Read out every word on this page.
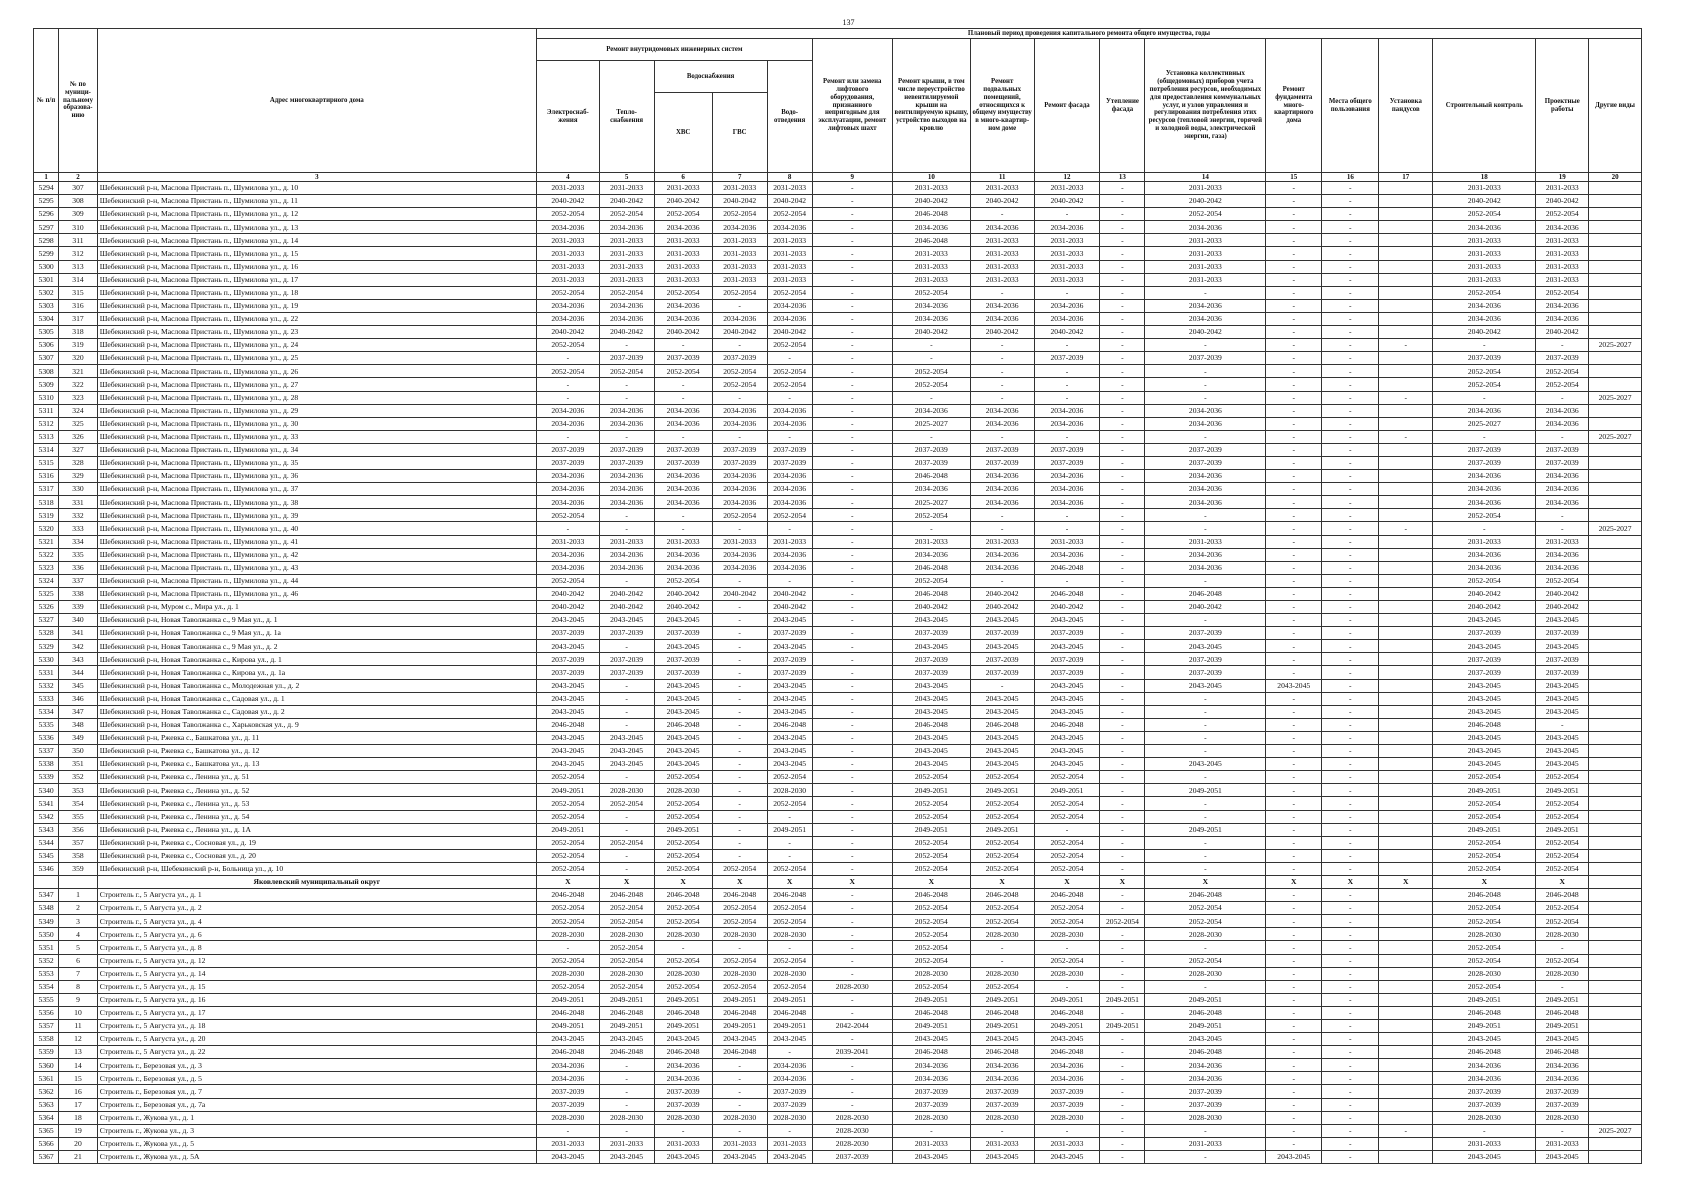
137
№ п/п	№ по муници-пальному образова-нию	Адрес многоквартирного дома	Плановый период проведения капитального ремонта общего имущества, годы																
			Ремонт внутридомовых инженерных систем					Ремонт или замена лифтового оборудования, признанного непригодным для эксплуатации, ремонт лифтовых шахт	Ремонт крыши, в том числе переустройство невентилируемой крыши на вентилируемую крышу, устройство выходов на кровлю	Ремонт подвальных помещений, относящихся к общему имуществу в много-квартир-ном доме	Ремонт фасада	Утепление фасада	Установка коллективных (общедомовых) приборов учета потребления ресурсов, необходимых для предоставления коммунальных услуг, и узлов управления и регулирования потребления этих ресурсов (тепловой энергии, горячей и холодной воды, электрической энергии, газа)	Ремонт фундамента много-квартирного дома	Места общего пользования	Установка пандусов	Строительный контроль	Проектные работы	Другие виды
			Электроснаб-жения	Тепло-снабжения	Водоснабжения		Водо-отведения												
					ХВС	ГВС													
1	2	3	4	5	6	7	8	9	10	11	12	13	14	15	16	17	18	19	20
5294	307	Шебекинский р-н, Маслова Пристань п., Шумилова ул., д. 10	2031-2033	2031-2033	2031-2033	2031-2033	2031-2033	-	2031-2033	2031-2033	2031-2033	-	2031-2033	-	-		2031-2033	2031-2033	
5295	308	Шебекинский р-н, Маслова Пристань п., Шумилова ул., д. 11	2040-2042	2040-2042	2040-2042	2040-2042	2040-2042	-	2040-2042	2040-2042	2040-2042	-	2040-2042	-	-		2040-2042	2040-2042	
5296	309	Шебекинский р-н, Маслова Пристань п., Шумилова ул., д. 12	2052-2054	2052-2054	2052-2054	2052-2054	2052-2054	-	2046-2048	-	-	-	2052-2054	-	-		2052-2054	2052-2054	
5297	310	Шебекинский р-н, Маслова Пристань п., Шумилова ул., д. 13	2034-2036	2034-2036	2034-2036	2034-2036	2034-2036	-	2034-2036	2034-2036	2034-2036	-	2034-2036	-	-		2034-2036	2034-2036	
5298	311	Шебекинский р-н, Маслова Пристань п., Шумилова ул., д. 14	2031-2033	2031-2033	2031-2033	2031-2033	2031-2033	-	2046-2048	2031-2033	2031-2033	-	2031-2033	-	-		2031-2033	2031-2033	
5299	312	Шебекинский р-н, Маслова Пристань п., Шумилова ул., д. 15	2031-2033	2031-2033	2031-2033	2031-2033	2031-2033	-	2031-2033	2031-2033	2031-2033	-	2031-2033	-	-		2031-2033	2031-2033	
5300	313	Шебекинский р-н, Маслова Пристань п., Шумилова ул., д. 16	2031-2033	2031-2033	2031-2033	2031-2033	2031-2033	-	2031-2033	2031-2033	2031-2033	-	2031-2033	-	-		2031-2033	2031-2033	
5301	314	Шебекинский р-н, Маслова Пристань п., Шумилова ул., д. 17	2031-2033	2031-2033	2031-2033	2031-2033	2031-2033	-	2031-2033	2031-2033	2031-2033	-	2031-2033	-	-		2031-2033	2031-2033	
5302	315	Шебекинский р-н, Маслова Пристань п., Шумилова ул., д. 18	2052-2054	2052-2054	2052-2054	2052-2054	2052-2054	-	2052-2054	-	-	-	-	-	-		2052-2054	2052-2054	
5303	316	Шебекинский р-н, Маслова Пристань п., Шумилова ул., д. 19	2034-2036	2034-2036	2034-2036	-	2034-2036	-	2034-2036	2034-2036	2034-2036	-	2034-2036	-	-		2034-2036	2034-2036	
5304	317	Шебекинский р-н, Маслова Пристань п., Шумилова ул., д. 22	2034-2036	2034-2036	2034-2036	2034-2036	2034-2036	-	2034-2036	2034-2036	2034-2036	-	2034-2036	-	-		2034-2036	2034-2036	
5305	318	Шебекинский р-н, Маслова Пристань п., Шумилова ул., д. 23	2040-2042	2040-2042	2040-2042	2040-2042	2040-2042	-	2040-2042	2040-2042	2040-2042	-	2040-2042	-	-		2040-2042	2040-2042	
5306	319	Шебекинский р-н, Маслова Пристань п., Шумилова ул., д. 24	2052-2054	-	-	-	2052-2054	-	-	-	-	-	-	-	-	-	-	-	2025-2027
5307	320	Шебекинский р-н, Маслова Пристань п., Шумилова ул., д. 25	-	2037-2039	2037-2039	2037-2039	-	-	-	-	2037-2039	-	2037-2039	-	-		2037-2039	2037-2039	
5308	321	Шебекинский р-н, Маслова Пристань п., Шумилова ул., д. 26	2052-2054	2052-2054	2052-2054	2052-2054	2052-2054	-	2052-2054	-	-	-	-	-	-		2052-2054	2052-2054	
5309	322	Шебекинский р-н, Маслова Пристань п., Шумилова ул., д. 27	-	-	-	2052-2054	2052-2054	-	2052-2054	-	-	-	-	-	-		2052-2054	2052-2054	
5310	323	Шебекинский р-н, Маслова Пристань п., Шумилова ул., д. 28	-	-	-	-	-	-	-	-	-	-	-	-	-	-	-	-	2025-2027
5311	324	Шебекинский р-н, Маслова Пристань п., Шумилова ул., д. 29	2034-2036	2034-2036	2034-2036	2034-2036	2034-2036	-	2034-2036	2034-2036	2034-2036	-	2034-2036	-	-		2034-2036	2034-2036	
5312	325	Шебекинский р-н, Маслова Пристань п., Шумилова ул., д. 30	2034-2036	2034-2036	2034-2036	2034-2036	2034-2036	-	2025-2027	2034-2036	2034-2036	-	2034-2036	-	-		2025-2027	2034-2036	
5313	326	Шебекинский р-н, Маслова Пристань п., Шумилова ул., д. 33	-	-	-	-	-	-	-	-	-	-	-	-	-	-	-	-	2025-2027
5314	327	Шебекинский р-н, Маслова Пристань п., Шумилова ул., д. 34	2037-2039	2037-2039	2037-2039	2037-2039	2037-2039	-	2037-2039	2037-2039	2037-2039	-	2037-2039	-	-		2037-2039	2037-2039	
5315	328	Шебекинский р-н, Маслова Пристань п., Шумилова ул., д. 35	2037-2039	2037-2039	2037-2039	2037-2039	2037-2039	-	2037-2039	2037-2039	2037-2039	-	2037-2039	-	-		2037-2039	2037-2039	
5316	329	Шебекинский р-н, Маслова Пристань п., Шумилова ул., д. 36	2034-2036	2034-2036	2034-2036	2034-2036	2034-2036	-	2046-2048	2034-2036	2034-2036	-	2034-2036	-	-		2034-2036	2034-2036	
5317	330	Шебекинский р-н, Маслова Пристань п., Шумилова ул., д. 37	2034-2036	2034-2036	2034-2036	2034-2036	2034-2036	-	2034-2036	2034-2036	2034-2036	-	2034-2036	-	-		2034-2036	2034-2036	
5318	331	Шебекинский р-н, Маслова Пристань п., Шумилова ул., д. 38	2034-2036	2034-2036	2034-2036	2034-2036	2034-2036	-	2025-2027	2034-2036	2034-2036	-	2034-2036	-	-		2034-2036	2034-2036	
5319	332	Шебекинский р-н, Маслова Пристань п., Шумилова ул., д. 39	2052-2054	-	-	2052-2054	2052-2054	-	2052-2054	-	-	-	-	-	-		2052-2054	-	
5320	333	Шебекинский р-н, Маслова Пристань п., Шумилова ул., д. 40	-	-	-	-	-	-	-	-	-	-	-	-	-	-	-	-	2025-2027
5321	334	Шебекинский р-н, Маслова Пристань п., Шумилова ул., д. 41	2031-2033	2031-2033	2031-2033	2031-2033	2031-2033	-	2031-2033	2031-2033	2031-2033	-	2031-2033	-	-		2031-2033	2031-2033	
5322	335	Шебекинский р-н, Маслова Пристань п., Шумилова ул., д. 42	2034-2036	2034-2036	2034-2036	2034-2036	2034-2036	-	2034-2036	2034-2036	2034-2036	-	2034-2036	-	-		2034-2036	2034-2036	
5323	336	Шебекинский р-н, Маслова Пристань п., Шумилова ул., д. 43	2034-2036	2034-2036	2034-2036	2034-2036	2034-2036	-	2046-2048	2034-2036	2046-2048	-	2034-2036	-	-		2034-2036	2034-2036	
5324	337	Шебекинский р-н, Маслова Пристань п., Шумилова ул., д. 44	2052-2054	-	2052-2054	-	-	-	2052-2054	-	-	-	-	-	-		2052-2054	2052-2054	
5325	338	Шебекинский р-н, Маслова Пристань п., Шумилова ул., д. 46	2040-2042	2040-2042	2040-2042	2040-2042	2040-2042	-	2046-2048	2040-2042	2046-2048	-	2046-2048	-	-		2040-2042	2040-2042	
5326	339	Шебекинский р-н, Муром с., Мира ул., д. 1	2040-2042	2040-2042	2040-2042	-	2040-2042	-	2040-2042	2040-2042	2040-2042	-	2040-2042	-	-		2040-2042	2040-2042	
5327	340	Шебекинский р-н, Новая Таволжанка с., 9 Мая ул., д. 1	2043-2045	2043-2045	2043-2045	-	2043-2045	-	2043-2045	2043-2045	2043-2045	-	-	-	-		2043-2045	2043-2045	
5328	341	Шебекинский р-н, Новая Таволжанка с., 9 Мая ул., д. 1а	2037-2039	2037-2039	2037-2039	-	2037-2039	-	2037-2039	2037-2039	2037-2039	-	2037-2039	-	-		2037-2039	2037-2039	
5329	342	Шебекинский р-н, Новая Таволжанка с., 9 Мая ул., д. 2	2043-2045	-	2043-2045	-	2043-2045	-	2043-2045	2043-2045	2043-2045	-	2043-2045	-	-		2043-2045	2043-2045	
5330	343	Шебекинский р-н, Новая Таволжанка с., Кирова ул., д. 1	2037-2039	2037-2039	2037-2039	-	2037-2039	-	2037-2039	2037-2039	2037-2039	-	2037-2039	-	-		2037-2039	2037-2039	
5331	344	Шебекинский р-н, Новая Таволжанка с., Кирова ул., д. 1а	2037-2039	2037-2039	2037-2039	-	2037-2039	-	2037-2039	2037-2039	2037-2039	-	2037-2039	-	-		2037-2039	2037-2039	
5332	345	Шебекинский р-н, Новая Таволжанка с., Молодежная ул., д. 2	2043-2045	-	2043-2045	-	2043-2045	-	2043-2045	-	2043-2045	-	2043-2045	2043-2045	-		2043-2045	2043-2045	
5333	346	Шебекинский р-н, Новая Таволжанка с., Садовая ул., д. 1	2043-2045	-	2043-2045	-	2043-2045	-	2043-2045	2043-2045	2043-2045	-	-	-	-		2043-2045	2043-2045	
5334	347	Шебекинский р-н, Новая Таволжанка с., Садовая ул., д. 2	2043-2045	-	2043-2045	-	2043-2045	-	2043-2045	2043-2045	2043-2045	-	-	-	-		2043-2045	2043-2045	
5335	348	Шебекинский р-н, Новая Таволжанка с., Харьковская ул., д. 9	2046-2048	-	2046-2048	-	2046-2048	-	2046-2048	2046-2048	2046-2048	-	-	-	-		2046-2048	-	
5336	349	Шебекинский р-н, Ржевка с., Башкатова ул., д. 11	2043-2045	2043-2045	2043-2045	-	2043-2045	-	2043-2045	2043-2045	2043-2045	-	-	-	-		2043-2045	2043-2045	
5337	350	Шебекинский р-н, Ржевка с., Башкатова ул., д. 12	2043-2045	2043-2045	2043-2045	-	2043-2045	-	2043-2045	2043-2045	2043-2045	-	-	-	-		2043-2045	2043-2045	
5338	351	Шебекинский р-н, Ржевка с., Башкатова ул., д. 13	2043-2045	2043-2045	2043-2045	-	2043-2045	-	2043-2045	2043-2045	2043-2045	-	2043-2045	-	-		2043-2045	2043-2045	
5339	352	Шебекинский р-н, Ржевка с., Ленина ул., д. 51	2052-2054	-	2052-2054	-	2052-2054	-	2052-2054	2052-2054	2052-2054	-	-	-	-		2052-2054	2052-2054	
5340	353	Шебекинский р-н, Ржевка с., Ленина ул., д. 52	2049-2051	2028-2030	2028-2030	-	2028-2030	-	2049-2051	2049-2051	2049-2051	-	2049-2051	-	-		2049-2051	2049-2051	
5341	354	Шебекинский р-н, Ржевка с., Ленина ул., д. 53	2052-2054	2052-2054	2052-2054	-	2052-2054	-	2052-2054	2052-2054	2052-2054	-	-	-	-		2052-2054	2052-2054	
5342	355	Шебекинский р-н, Ржевка с., Ленина ул., д. 54	2052-2054	-	2052-2054	-	-	-	2052-2054	2052-2054	2052-2054	-	-	-	-		2052-2054	2052-2054	
5343	356	Шебекинский р-н, Ржевка с., Ленина ул., д. 1А	2049-2051	-	2049-2051	-	2049-2051	-	2049-2051	2049-2051	-	-	2049-2051	-	-		2049-2051	2049-2051	
5344	357	Шебекинский р-н, Ржевка с., Сосновая ул., д. 19	2052-2054	2052-2054	2052-2054	-	-	-	2052-2054	2052-2054	2052-2054	-	-	-	-		2052-2054	2052-2054	
5345	358	Шебекинский р-н, Ржевка с., Сосновая ул., д. 20	2052-2054	-	2052-2054	-	-	-	2052-2054	2052-2054	2052-2054	-	-	-	-		2052-2054	2052-2054	
5346	359	Шебекинский р-н, Шебекинский р-н, Больница ул., д. 10	2052-2054	-	2052-2054	2052-2054	2052-2054	-	2052-2054	2052-2054	2052-2054	-	-	-	-		2052-2054	2052-2054	
		Яковлевский муниципальный округ	X	X	X	X	X	X	X	X	X	X	X	X	X	X	X	X	
5347	1	Строитель г., 5 Августа ул., д. 1	2046-2048	2046-2048	2046-2048	2046-2048	2046-2048	-	2046-2048	2046-2048	2046-2048	-	2046-2048	-	-		2046-2048	2046-2048	
5348	2	Строитель г., 5 Августа ул., д. 2	2052-2054	2052-2054	2052-2054	2052-2054	2052-2054	-	2052-2054	2052-2054	2052-2054	-	2052-2054	-	-		2052-2054	2052-2054	
5349	3	Строитель г., 5 Августа ул., д. 4	2052-2054	2052-2054	2052-2054	2052-2054	2052-2054	-	2052-2054	2052-2054	2052-2054	2052-2054	2052-2054	-	-		2052-2054	2052-2054	
5350	4	Строитель г., 5 Августа ул., д. 6	2028-2030	2028-2030	2028-2030	2028-2030	2028-2030	-	2052-2054	2028-2030	2028-2030	-	2028-2030	-	-		2028-2030	2028-2030	
5351	5	Строитель г., 5 Августа ул., д. 8	-	2052-2054	-	-	-	-	2052-2054	-	-	-	-	-	-		2052-2054	-	
5352	6	Строитель г., 5 Августа ул., д. 12	2052-2054	2052-2054	2052-2054	2052-2054	2052-2054	-	2052-2054	-	2052-2054	-	2052-2054	-	-		2052-2054	2052-2054	
5353	7	Строитель г., 5 Августа ул., д. 14	2028-2030	2028-2030	2028-2030	2028-2030	2028-2030	-	2028-2030	2028-2030	2028-2030	-	2028-2030	-	-		2028-2030	2028-2030	
5354	8	Строитель г., 5 Августа ул., д. 15	2052-2054	2052-2054	2052-2054	2052-2054	2052-2054	2028-2030	2052-2054	2052-2054	-	-	-	-	-		2052-2054	-	
5355	9	Строитель г., 5 Августа ул., д. 16	2049-2051	2049-2051	2049-2051	2049-2051	2049-2051	-	2049-2051	2049-2051	2049-2051	2049-2051	2049-2051	-	-		2049-2051	2049-2051	
5356	10	Строитель г., 5 Августа ул., д. 17	2046-2048	2046-2048	2046-2048	2046-2048	2046-2048	-	2046-2048	2046-2048	2046-2048	-	2046-2048	-	-		2046-2048	2046-2048	
5357	11	Строитель г., 5 Августа ул., д. 18	2049-2051	2049-2051	2049-2051	2049-2051	2049-2051	2042-2044	2049-2051	2049-2051	2049-2051	2049-2051	2049-2051	-	-		2049-2051	2049-2051	
5358	12	Строитель г., 5 Августа ул., д. 20	2043-2045	2043-2045	2043-2045	2043-2045	2043-2045	-	2043-2045	2043-2045	2043-2045	-	2043-2045	-	-		2043-2045	2043-2045	
5359	13	Строитель г., 5 Августа ул., д. 22	2046-2048	2046-2048	2046-2048	2046-2048	-	2039-2041	2046-2048	2046-2048	2046-2048	-	2046-2048	-	-		2046-2048	2046-2048	
5360	14	Строитель г., Березовая ул., д. 3	2034-2036	-	2034-2036	-	2034-2036	-	2034-2036	2034-2036	2034-2036	-	2034-2036	-	-		2034-2036	2034-2036	
5361	15	Строитель г., Березовая ул., д. 5	2034-2036	-	2034-2036	-	2034-2036	-	2034-2036	2034-2036	2034-2036	-	2034-2036	-	-		2034-2036	2034-2036	
5362	16	Строитель г., Березовая ул., д. 7	2037-2039	-	2037-2039	-	2037-2039	-	2037-2039	2037-2039	2037-2039	-	2037-2039	-	-		2037-2039	2037-2039	
5363	17	Строитель г., Березовая ул., д. 7а	2037-2039	-	2037-2039	-	2037-2039	-	2037-2039	2037-2039	2037-2039	-	2037-2039	-	-		2037-2039	2037-2039	
5364	18	Строитель г., Жукова ул., д. 1	2028-2030	2028-2030	2028-2030	2028-2030	2028-2030	2028-2030	2028-2030	2028-2030	2028-2030	-	2028-2030	-	-		2028-2030	2028-2030	
5365	19	Строитель г., Жукова ул., д. 3	-	-	-	-	-	2028-2030	-	-	-	-	-	-	-	-	-	-	2025-2027
5366	20	Строитель г., Жукова ул., д. 5	2031-2033	2031-2033	2031-2033	2031-2033	2031-2033	2028-2030	2031-2033	2031-2033	2031-2033	-	2031-2033	-	-		2031-2033	2031-2033	
5367	21	Строитель г., Жукова ул., д. 5А	2043-2045	2043-2045	2043-2045	2043-2045	2043-2045	2037-2039	2043-2045	2043-2045	2043-2045	-	-	2043-2045	-		2043-2045	2043-2045	
